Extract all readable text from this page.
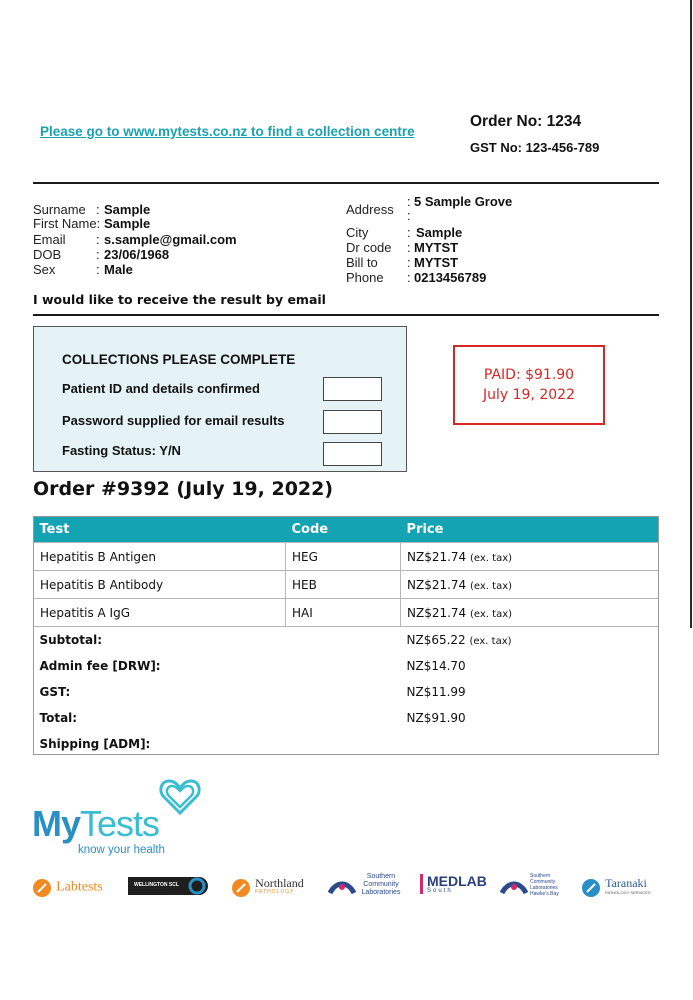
Please go to www.mytests.co.nz to find a collection centre
Order No: 1234
GST No: 123-456-789
Surname : Sample
First Name: Sample
Email : s.sample@gmail.com
DOB	: 23/06/1968
Sex	: Male
Address
: 5 Sample Grove
:
City	: Sample
Dr code : MYTST
Bill to : MYTST
Phone : 0213456789
I would like to receive the result by email
COLLECTIONS PLEASE COMPLETE
Patient ID and details confirmed
Password supplied for email results
Fasting Status: Y/N
PAID: $91.90
July 19, 2022
Order #9392 (July 19, 2022)
Test	Code	Price
Hepatitis B Antigen	HEG	NZ$21.74 (ex. tax)
Hepatitis B Antibody	HEB	NZ$21.74 (ex. tax)
Hepatitis A IgG	HAI	NZ$21.74 (ex. tax)
Subtotal:		NZ$65.22 (ex. tax)
Admin fee [DRW]:		NZ$14.70
GST:		NZ$11.99
Total:		NZ$91.90
Shipping [ADM]:		
MyTests
know your health
Labtests	WELLINGTON SCL
	Northland
PATHOLOGY
Southern
Community
Laboratories
MEDLAB
South
Southern
Community
Laboratories
Hawke's Bay

Taranaki
PATHOLOGY SERVICES
